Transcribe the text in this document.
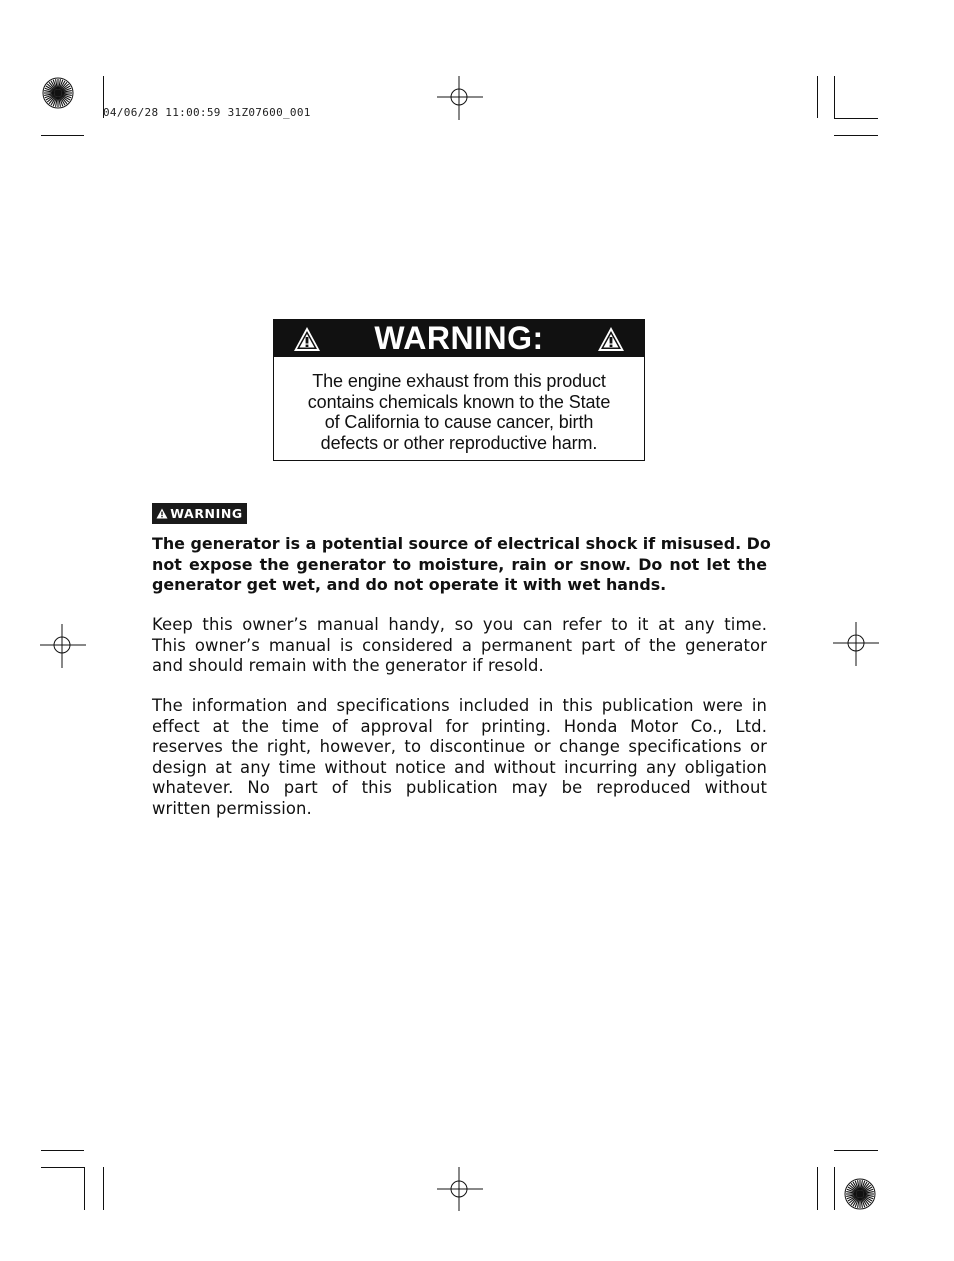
04/06/28 11:00:59 31Z07600_001
WARNING:
The engine exhaust from this product
contains chemicals known to the State
of California to cause cancer, birth
defects or other reproductive harm.
WARNING
The generator is a potential source of electrical shock if misused. Do
not expose the generator to moisture, rain or snow. Do not let the
generator get wet, and do not operate it with wet hands.
Keep this owner’s manual handy, so you can refer to it at any time.
This owner’s manual is considered a permanent part of the generator
and should remain with the generator if resold.
The information and specifications included in this publication were in
effect at the time of approval for printing. Honda Motor Co., Ltd.
reserves the right, however, to discontinue or change specifications or
design at any time without notice and without incurring any obligation
whatever. No part of this publication may be reproduced without
written permission.
